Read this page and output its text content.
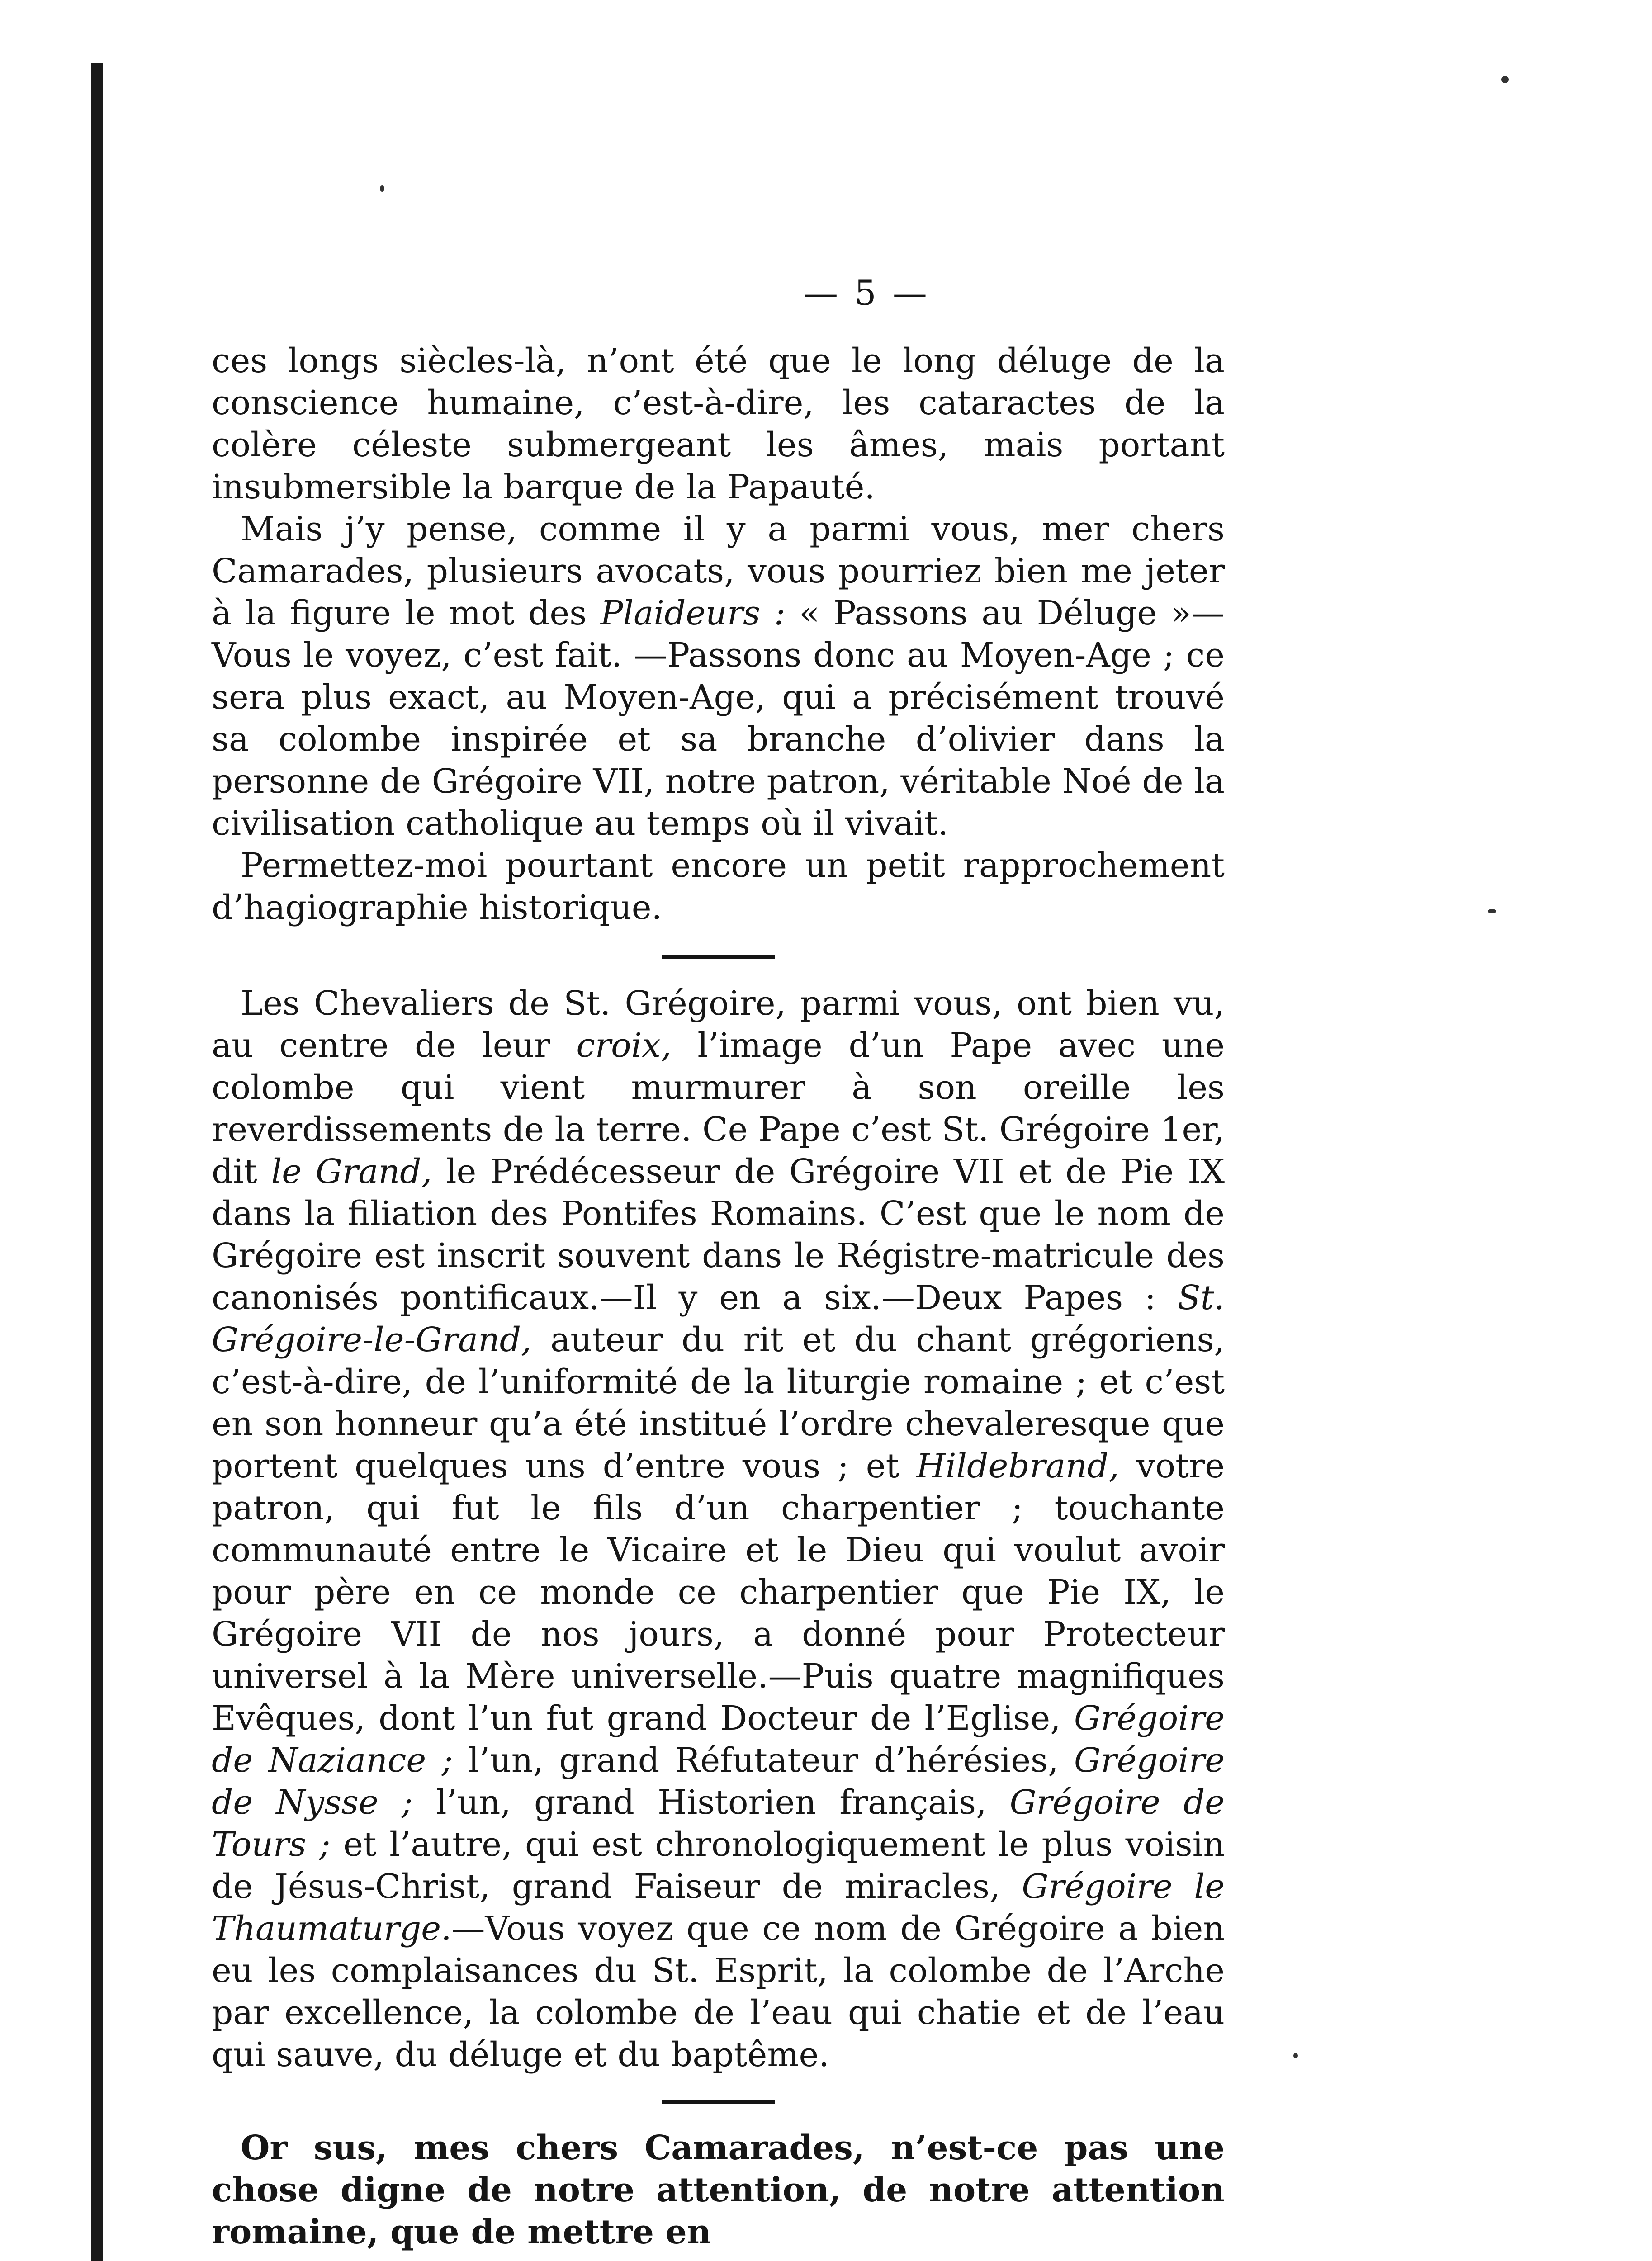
— 5 —

ces longs siècles-là, n’ont été que le long déluge de la conscience humaine, c’est-à-dire, les cataractes de la colère céleste submergeant les âmes, mais portant insubmersible la barque de la Papauté.

Mais j’y pense, comme il y a parmi vous, mer chers Camarades, plusieurs avocats, vous pourriez bien me jeter à la figure le mot des Plaideurs : « Passons au Déluge »—Vous le voyez, c’est fait. —Passons donc au Moyen-Age ; ce sera plus exact, au Moyen-Age, qui a précisément trouvé sa colombe inspirée et sa branche d’olivier dans la personne de Grégoire VII, notre patron, véritable Noé de la civilisation catholique au temps où il vivait.

Permettez-moi pourtant encore un petit rapprochement d’hagiographie historique.

Les Chevaliers de St. Grégoire, parmi vous, ont bien vu, au centre de leur croix, l’image d’un Pape avec une colombe qui vient murmurer à son oreille les reverdissements de la terre. Ce Pape c’est St. Grégoire 1er, dit le Grand, le Prédécesseur de Grégoire VII et de Pie IX dans la filiation des Pontifes Romains. C’est que le nom de Grégoire est inscrit souvent dans le Régistre-matricule des canonisés pontificaux.—Il y en a six.—Deux Papes : St. Grégoire-le-Grand, auteur du rit et du chant grégoriens, c’est-à-dire, de l’uniformité de la liturgie romaine ; et c’est en son honneur qu’a été institué l’ordre chevaleresque que portent quelques uns d’entre vous ; et Hildebrand, votre patron, qui fut le fils d’un charpentier ; touchante communauté entre le Vicaire et le Dieu qui voulut avoir pour père en ce monde ce charpentier que Pie IX, le Grégoire VII de nos jours, a donné pour Protecteur universel à la Mère universelle.—Puis quatre magnifiques Evêques, dont l’un fut grand Docteur de l’Eglise, Grégoire de Naziance ; l’un, grand Réfutateur d’hérésies, Grégoire de Nysse ; l’un, grand Historien français, Grégoire de Tours ; et l’autre, qui est chronologiquement le plus voisin de Jésus-Christ, grand Faiseur de miracles, Grégoire le Thaumaturge.—Vous voyez que ce nom de Grégoire a bien eu les complaisances du St. Esprit, la colombe de l’Arche par excellence, la colombe de l’eau qui chatie et de l’eau qui sauve, du déluge et du baptême.

Or sus, mes chers Camarades, n’est-ce pas une chose digne de notre attention, de notre attention romaine, que de mettre en
